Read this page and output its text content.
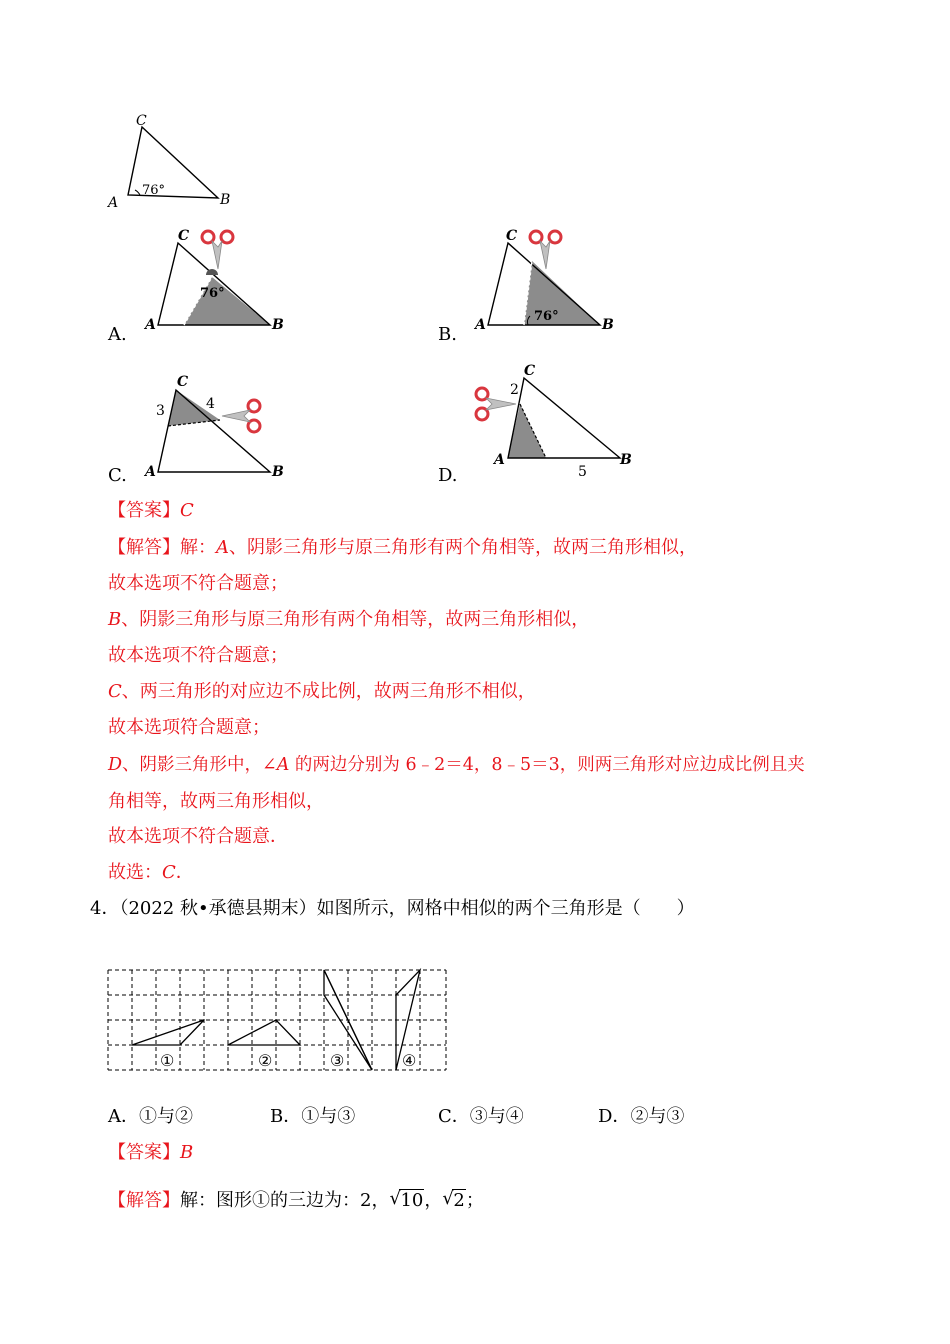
C
A	B
76°
A.
C
A	B
76°
B.
C
A	B
76°
C.
C
A	B
3	4
D.
C
A	B
2
5
【答案】C
【解答】解：A、阴影三角形与原三角形有两个角相等，故两三角形相似，
故本选项不符合题意；
B、阴影三角形与原三角形有两个角相等，故两三角形相似，
故本选项不符合题意；
C、两三角形的对应边不成比例，故两三角形不相似，
故本选项符合题意；
D、阴影三角形中，∠A 的两边分别为 6﹣2＝4，8﹣5＝3，则两三角形对应边成比例且夹
角相等，故两三角形相似，
故本选项不符合题意．
故选：C．
4．（2022 秋•承德县期末）如图所示，网格中相似的两个三角形是（　　）
①	②	③	④
A．①与②	B．①与③	C．③与④	D．②与③
【答案】B
【解答】解：图形①的三边为：2， √ 10， √ 2；
